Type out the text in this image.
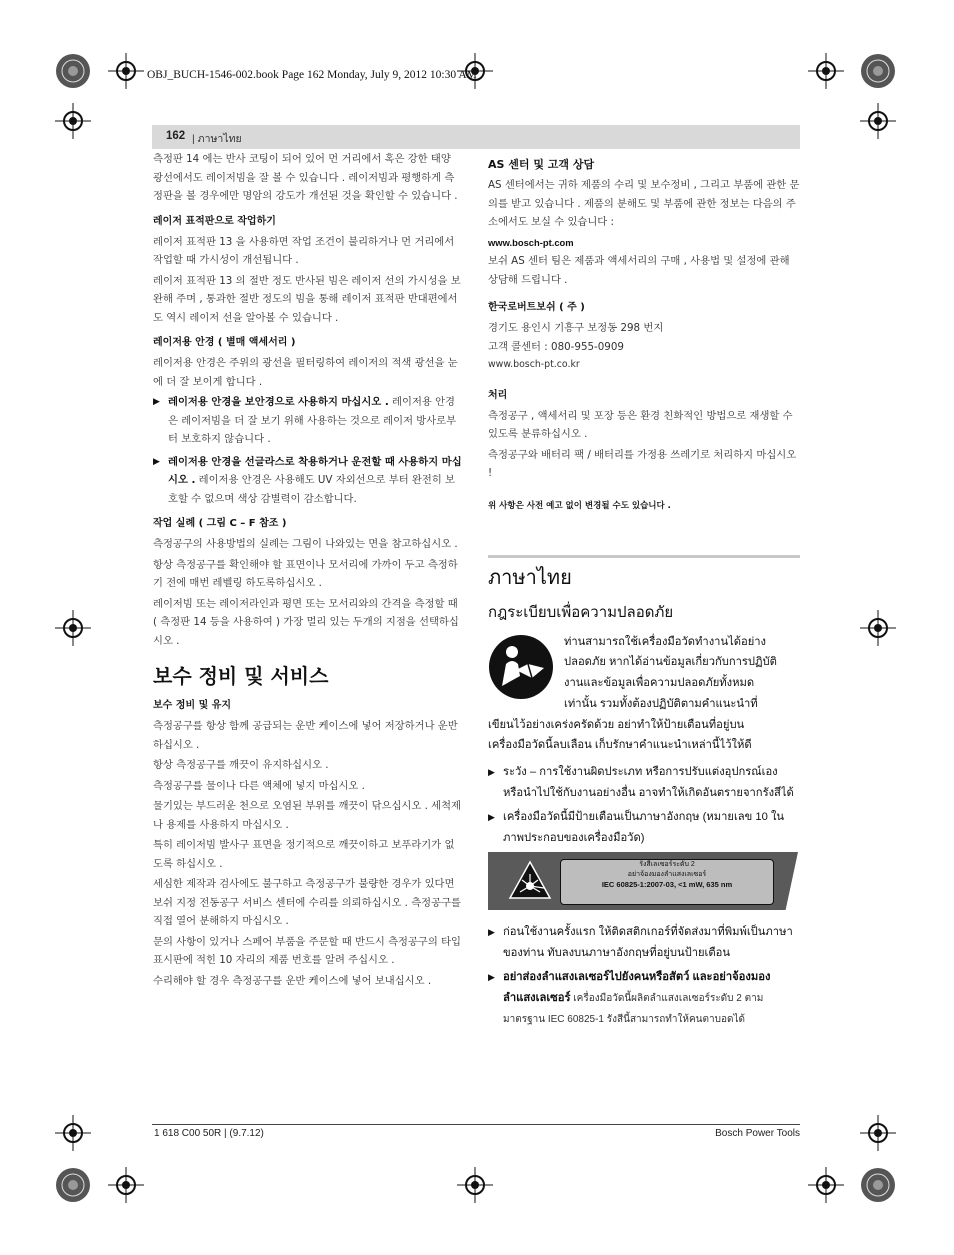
OBJ_BUCH-1546-002.book Page 162 Monday, July 9, 2012 10:30 AM
162 | ภาษาไทย

측정판 14 에는 반사 코팅이 되어 있어 먼 거리에서 혹은 강한 태양 광선에서도 레이저빔을 잘 볼 수 있습니다 . 레이저빔과 평행하게 측정판을 볼 경우에만 명암의 강도가 개선된 것을 확인할 수 있습니다 .

레이저 표적판으로 작업하기

레이저 표적판 13 을 사용하면 작업 조건이 불리하거나 먼 거리에서 작업할 때 가시성이 개선됩니다 .

레이저 표적판 13 의 절반 정도 반사된 빔은 레이저 선의 가시성을 보완해 주며 , 통과한 절반 정도의 빔을 통해 레이저 표적판 반대편에서도 역시 레이저 선을 알아볼 수 있습니다 .

레이저용 안경 ( 별매 액세서리 )

레이저용 안경은 주위의 광선을 필터링하여 레이저의 적색 광선을 눈에 더 잘 보이게 합니다 .

▶ 레이저용 안경을 보안경으로 사용하지 마십시오 . 레이저용 안경은 레이저빔을 더 잘 보기 위해 사용하는 것으로 레이저 방사로부터 보호하지 않습니다 .
▶ 레이저용 안경을 선글라스로 착용하거나 운전할 때 사용하지 마십시오 . 레이저용 안경은 사용해도 UV 자외선으로 부터 완전히 보호할 수 없으며 색상 감별력이 감소합니다.
작업 실례 ( 그림 C – F 참조 )

측정공구의 사용방법의 실례는 그림이 나와있는 면을 참고하십시오 .

항상 측정공구를 확인해야 할 표면이나 모서리에 가까이 두고 측정하기 전에 매번 레벨링 하도록하십시오 .

레이저빔 또는 레이저라인과 평면 또는 모서리와의 간격을 측정할 때 ( 측정판 14 등을 사용하여 ) 가장 멀리 있는 두개의 지점을 선택하십시오 .

보수 정비 및 서비스
보수 정비 및 유지

측정공구를 항상 함께 공급되는 운반 케이스에 넣어 저장하거나 운반하십시오 .

항상 측정공구를 깨끗이 유지하십시오 .

측정공구를 물이나 다른 액체에 넣지 마십시오 .

물기있는 부드러운 천으로 오염된 부위를 깨끗이 닦으십시오 . 세척제나 용제를 사용하지 마십시오 .

특히 레이저빔 발사구 표면을 정기적으로 깨끗이하고 보푸라기가 없도록 하십시오 .

세심한 제작과 검사에도 불구하고 측정공구가 불량한 경우가 있다면 보쉬 지정 전동공구 서비스 센터에 수리를 의뢰하십시오 . 측정공구를 직접 열어 분해하지 마십시오 .

문의 사항이 있거나 스페어 부품을 주문할 때 반드시 측정공구의 타입 표시판에 적힌 10 자리의 제품 번호를 알려 주십시오 .

수리해야 할 경우 측정공구를 운반 케이스에 넣어 보내십시오 .

AS 센터 및 고객 상담

AS 센터에서는 귀하 제품의 수리 및 보수정비 , 그리고 부품에 관한 문의를 받고 있습니다 . 제품의 분해도 및 부품에 관한 정보는 다음의 주소에서도 보실 수 있습니다 :

www.bosch-pt.com

보쉬 AS 센터 팀은 제품과 액세서리의 구매 , 사용법 및 설정에 관해 상담해 드립니다 .

한국로버트보쉬 ( 주 )

경기도 용인시 기흥구 보정동 298 번지

고객 콜센터 : 080-955-0909

www.bosch-pt.co.kr

처리

측정공구 , 액세서리 및 포장 등은 환경 친화적인 방법으로 재생할 수 있도록 분류하십시오 .

측정공구와 배터리 팩 / 배터리를 가정용 쓰레기로 처리하지 마십시오 !

위 사항은 사전 예고 없이 변경될 수도 있습니다 .

ภาษาไทย
กฎระเบียบเพื่อความปลอดภัย
ท่านสามารถใช้เครื่องมือวัดทำงานได้อย่าง
ปลอดภัย หากได้อ่านข้อมูลเกี่ยวกับการปฏิบัติ
งานและข้อมูลเพื่อความปลอดภัยทั้งหมด
เท่านั้น รวมทั้งต้องปฏิบัติตามคำแนะนำที่
เขียนไว้อย่างเคร่งครัดด้วย อย่าทำให้ป้ายเตือนที่อยู่บน
เครื่องมือวัดนี้ลบเลือน เก็บรักษาคำแนะนำเหล่านี้ไว้ให้ดี
▶ ระวัง – การใช้งานผิดประเภท หรือการปรับแต่งอุปกรณ์เอง หรือนำไปใช้กับงานอย่างอื่น อาจทำให้เกิดอันตรายจากรังสีได้
▶ เครื่องมือวัดนี้มีป้ายเตือนเป็นภาษาอังกฤษ (หมายเลข 10 ในภาพประกอบของเครื่องมือวัด)
รังสีเลเซอร์ระดับ 2
อย่าจ้องมองลำแสงเลเซอร์
IEC 60825-1:2007-03, <1 mW, 635 nm
▶ ก่อนใช้งานครั้งแรก ให้ติดสติกเกอร์ที่จัดส่งมาที่พิมพ์เป็นภาษาของท่าน ทับลงบนภาษาอังกฤษที่อยู่บนป้ายเตือน
▶ อย่าส่องลำแสงเลเซอร์ไปยังคนหรือสัตว์ และอย่าจ้องมองลำแสงเลเซอร์ เครื่องมือวัดนี้ผลิตลำแสงเลเซอร์ระดับ 2 ตามมาตรฐาน IEC 60825-1 รังสีนี้สามารถทำให้คนตาบอดได้
1 618 C00 50R | (9.7.12)	Bosch Power Tools
